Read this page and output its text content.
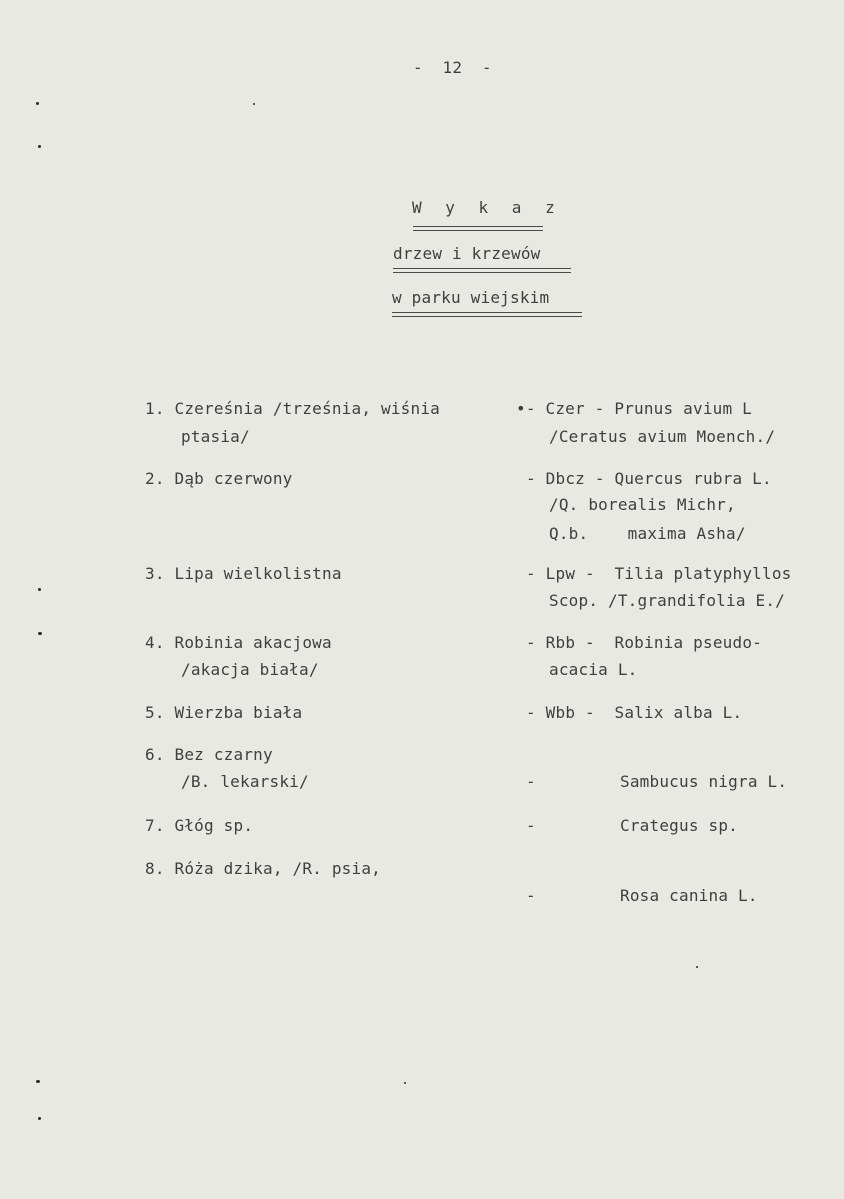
-  12  -
W y k a z
drzew i krzewów
w parku wiejskim
1. Czereśnia /trześnia, wiśnia
ptasia/
•- Czer - Prunus avium L
/Ceratus avium Moench./
2. Dąb czerwony	- Dbcz - Quercus rubra L.
/Q. borealis Michr,
Q.b.    maxima Asha/
3. Lipa wielkolistna	- Lpw -  Tilia platyphyllos
Scop. /T.grandifolia E./
4. Robinia akacjowa
/akacja biała/
- Rbb -  Robinia pseudo-
acacia L.
5. Wierzba biała	- Wbb -  Salix alba L.
6. Bez czarny
/B. lekarski/	-	Sambucus nigra L.
7. Głóg sp.	-	Crategus sp.
8. Róża dzika, /R. psia,
-	Rosa canina L.
